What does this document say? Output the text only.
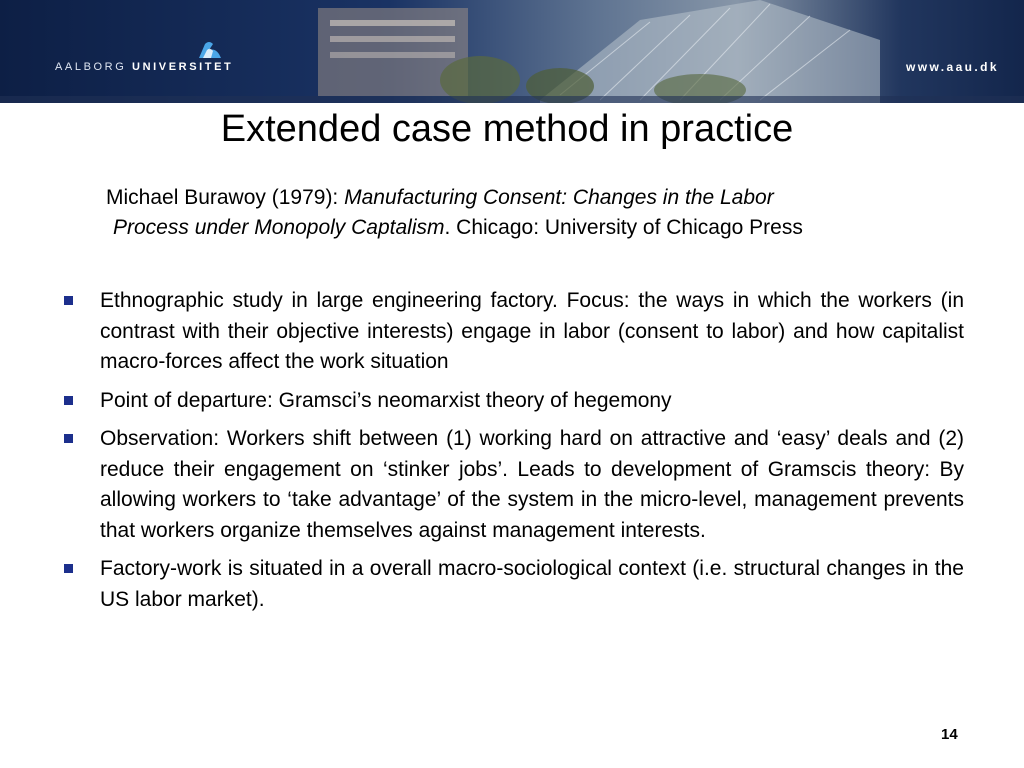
AALBORG UNIVERSITET	www.aau.dk
Extended case method in practice
Michael Burawoy (1979): Manufacturing Consent: Changes in the Labor
Process under Monopoly Captalism. Chicago: University of Chicago Press
Ethnographic study in large engineering factory. Focus: the ways in which the workers (in contrast with their objective interests) engage in labor (consent to labor) and how capitalist macro-forces affect the work situation
Point of departure: Gramsci’s neomarxist theory of hegemony
Observation: Workers shift between (1) working hard on attractive and ‘easy’ deals and (2) reduce their engagement on ‘stinker jobs’. Leads to development of Gramscis theory: By allowing workers to ‘take advantage’ of the system in the micro-level, management prevents that workers organize themselves against management interests.
Factory-work is situated in a overall macro-sociological context (i.e. structural changes in the US labor market).
14
